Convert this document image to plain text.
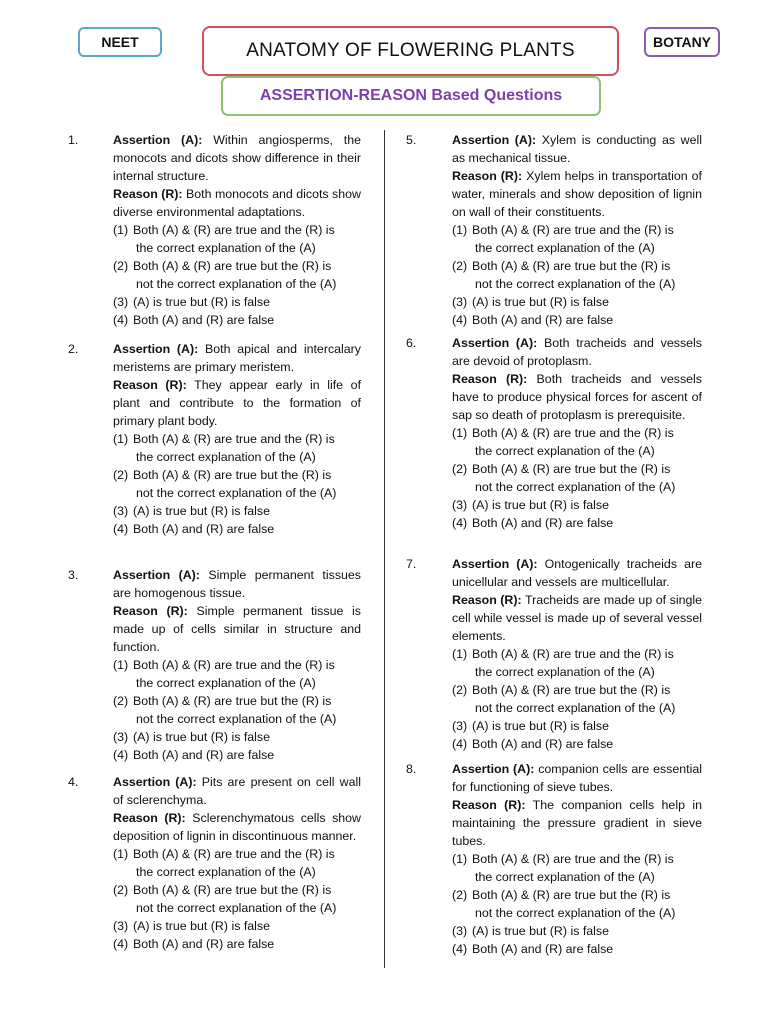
NEET	ANATOMY OF FLOWERING PLANTS	BOTANY
ASSERTION-REASON Based Questions
1.	Assertion (A): Within angiosperms, the monocots and dicots show difference in their internal structure.
Reason (R): Both monocots and dicots show diverse environmental adaptations.
(1) Both (A) & (R) are true and the (R) is
the correct explanation of the (A)
(2) Both (A) & (R) are true but the (R) is
not the correct explanation of the (A)
(3) (A) is true but (R) is false
(4) Both (A) and (R) are false
2.	Assertion (A): Both apical and intercalary meristems are primary meristem.
Reason (R): They appear early in life of plant and contribute to the formation of primary plant body.
(1) Both (A) & (R) are true and the (R) is
the correct explanation of the (A)
(2) Both (A) & (R) are true but the (R) is
not the correct explanation of the (A)
(3) (A) is true but (R) is false
(4) Both (A) and (R) are false
3.	Assertion (A): Simple permanent tissues are homogenous tissue.
Reason (R): Simple permanent tissue is made up of cells similar in structure and function.
(1) Both (A) & (R) are true and the (R) is
the correct explanation of the (A)
(2) Both (A) & (R) are true but the (R) is
not the correct explanation of the (A)
(3) (A) is true but (R) is false
(4) Both (A) and (R) are false
4.	Assertion (A): Pits are present on cell wall of sclerenchyma.
Reason (R): Sclerenchymatous cells show deposition of lignin in discontinuous manner.
(1) Both (A) & (R) are true and the (R) is
the correct explanation of the (A)
(2) Both (A) & (R) are true but the (R) is
not the correct explanation of the (A)
(3) (A) is true but (R) is false
(4) Both (A) and (R) are false
5.	Assertion (A): Xylem is conducting as well as mechanical tissue.
Reason (R): Xylem helps in transportation of water, minerals and show deposition of lignin on wall of their constituents.
(1) Both (A) & (R) are true and the (R) is
the correct explanation of the (A)
(2) Both (A) & (R) are true but the (R) is
not the correct explanation of the (A)
(3) (A) is true but (R) is false
(4) Both (A) and (R) are false
6.	Assertion (A): Both tracheids and vessels are devoid of protoplasm.
Reason (R): Both tracheids and vessels have to produce physical forces for ascent of sap so death of protoplasm is prerequisite.
(1) Both (A) & (R) are true and the (R) is
the correct explanation of the (A)
(2) Both (A) & (R) are true but the (R) is
not the correct explanation of the (A)
(3) (A) is true but (R) is false
(4) Both (A) and (R) are false
7.	Assertion (A): Ontogenically tracheids are unicellular and vessels are multicellular.
Reason (R): Tracheids are made up of single cell while vessel is made up of several vessel elements.
(1) Both (A) & (R) are true and the (R) is
the correct explanation of the (A)
(2) Both (A) & (R) are true but the (R) is
not the correct explanation of the (A)
(3) (A) is true but (R) is false
(4) Both (A) and (R) are false
8.	Assertion (A): companion cells are essential for functioning of sieve tubes.
Reason (R): The companion cells help in maintaining the pressure gradient in sieve tubes.
(1) Both (A) & (R) are true and the (R) is
the correct explanation of the (A)
(2) Both (A) & (R) are true but the (R) is
not the correct explanation of the (A)
(3) (A) is true but (R) is false
(4) Both (A) and (R) are false
